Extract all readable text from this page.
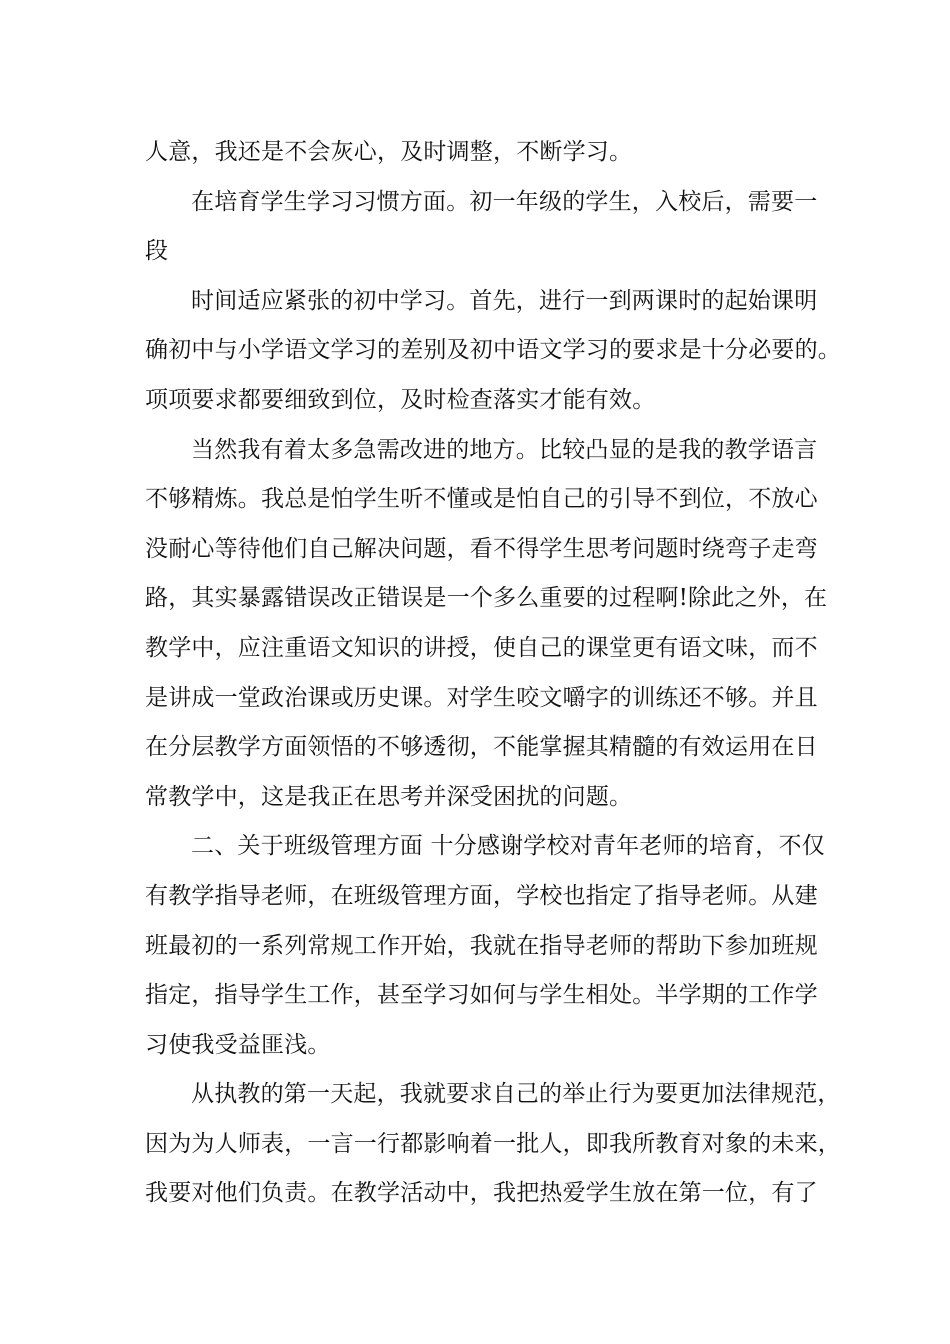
人意，我还是不会灰心，及时调整，不断学习。
在培育学生学习习惯方面。初一年级的学生，入校后，需要一
段
时间适应紧张的初中学习。首先，进行一到两课时的起始课明
确初中与小学语文学习的差别及初中语文学习的要求是十分必要的。
项项要求都要细致到位，及时检查落实才能有效。
当然我有着太多急需改进的地方。比较凸显的是我的教学语言
不够精炼。我总是怕学生听不懂或是怕自己的引导不到位，不放心
没耐心等待他们自己解决问题，看不得学生思考问题时绕弯子走弯
路，其实暴露错误改正错误是一个多么重要的过程啊!除此之外，在
教学中，应注重语文知识的讲授，使自己的课堂更有语文味，而不
是讲成一堂政治课或历史课。对学生咬文嚼字的训练还不够。并且
在分层教学方面领悟的不够透彻，不能掌握其精髓的有效运用在日
常教学中，这是我正在思考并深受困扰的问题。
二、关于班级管理方面 十分感谢学校对青年老师的培育，不仅
有教学指导老师，在班级管理方面，学校也指定了指导老师。从建
班最初的一系列常规工作开始，我就在指导老师的帮助下参加班规
指定，指导学生工作，甚至学习如何与学生相处。半学期的工作学
习使我受益匪浅。
从执教的第一天起，我就要求自己的举止行为要更加法律规范，
因为为人师表，一言一行都影响着一批人，即我所教育对象的未来，
我要对他们负责。在教学活动中，我把热爱学生放在第一位，有了
